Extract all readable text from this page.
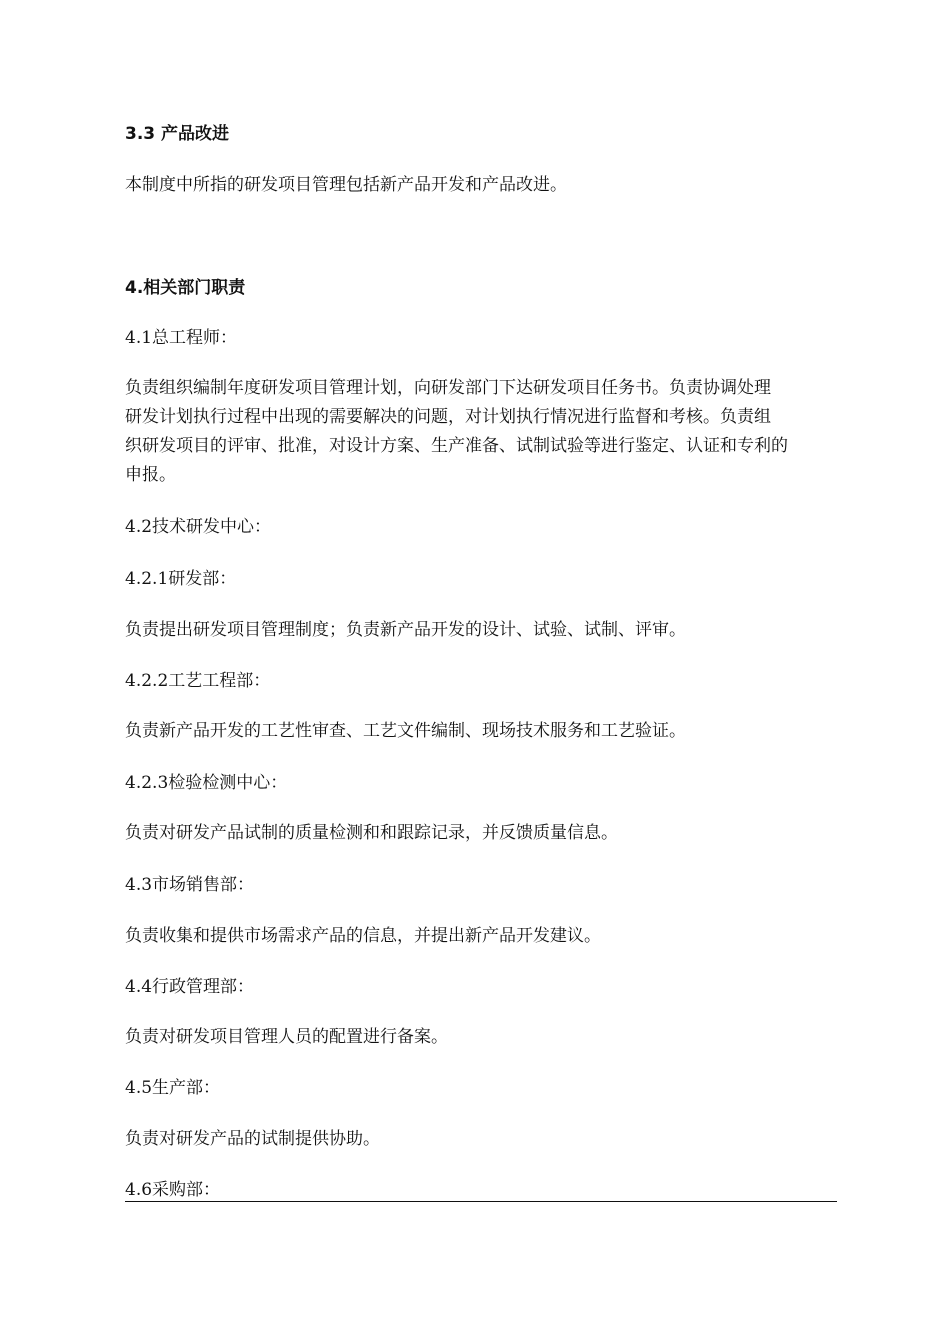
3.3 产品改进

本制度中所指的研发项目管理包括新产品开发和产品改进。

4.相关部门职责

4.1总工程师：

负责组织编制年度研发项目管理计划，向研发部门下达研发项目任务书。负责协调处理

研发计划执行过程中出现的需要解决的问题，对计划执行情况进行监督和考核。负责组

织研发项目的评审、批准，对设计方案、生产准备、试制试验等进行鉴定、认证和专利的

申报。

4.2技术研发中心：

4.2.1研发部：

负责提出研发项目管理制度；负责新产品开发的设计、试验、试制、评审。

4.2.2工艺工程部：

负责新产品开发的工艺性审查、工艺文件编制、现场技术服务和工艺验证。

4.2.3检验检测中心：

负责对研发产品试制的质量检测和和跟踪记录，并反馈质量信息。

4.3市场销售部：

负责收集和提供市场需求产品的信息，并提出新产品开发建议。

4.4行政管理部：

负责对研发项目管理人员的配置进行备案。

4.5生产部：

负责对研发产品的试制提供协助。

4.6采购部：
